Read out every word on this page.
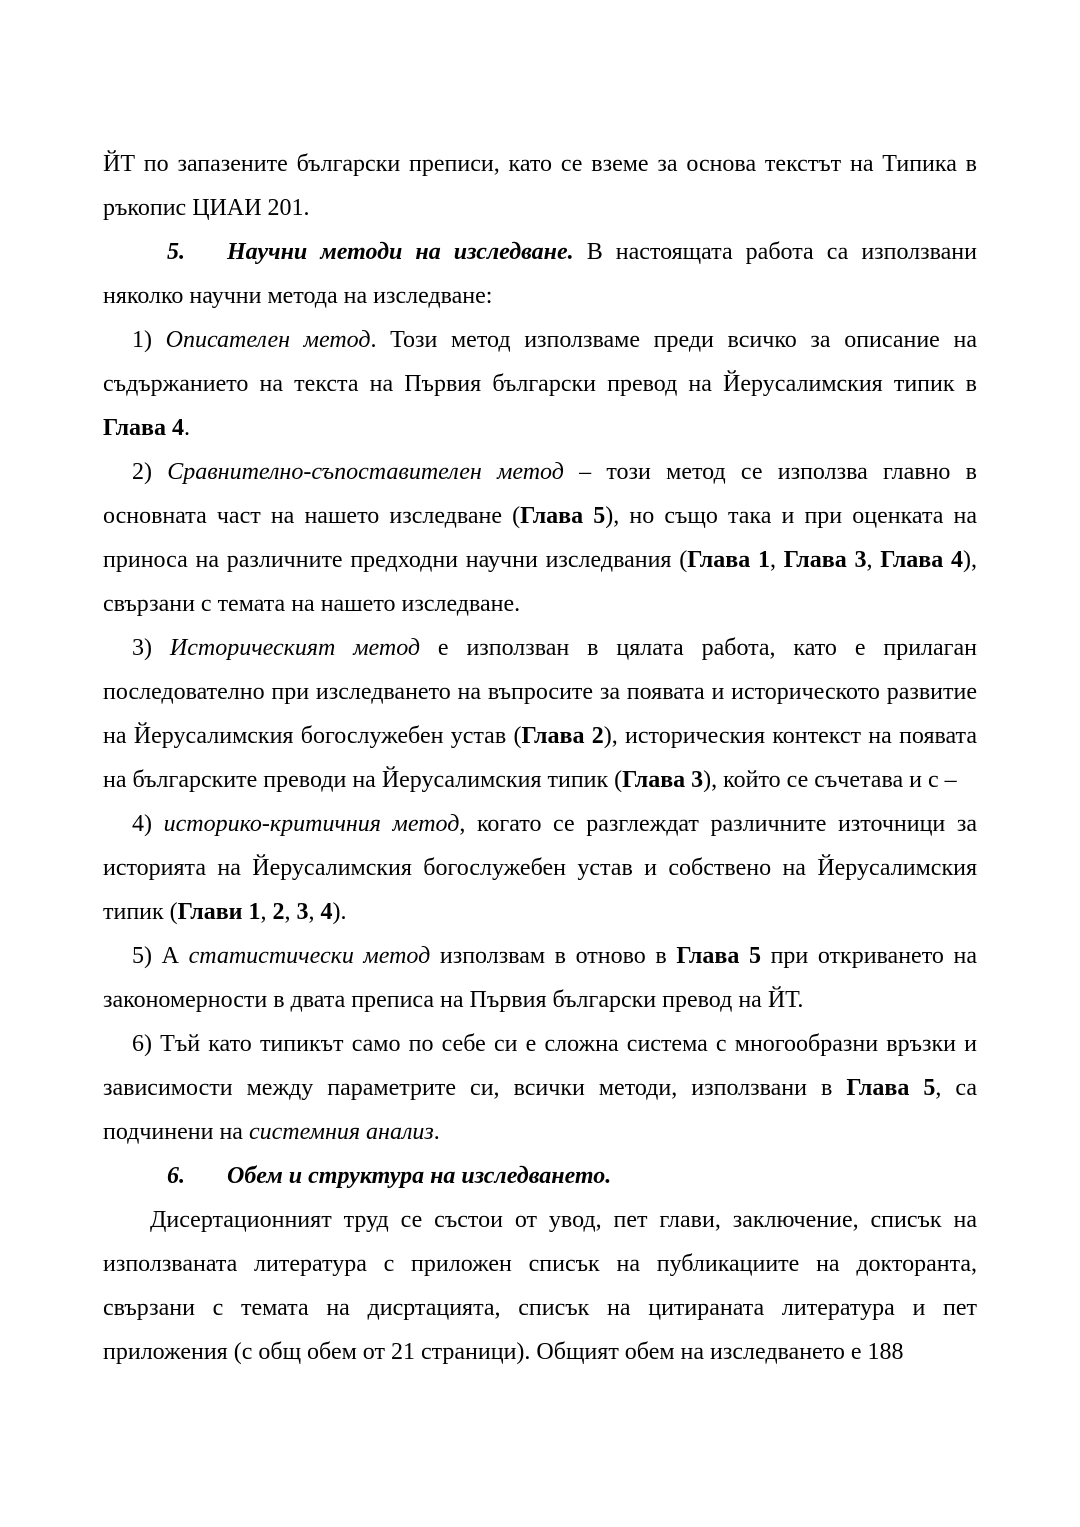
ЙТ по запазените български преписи, като се вземе за основа текстът на Типика в ръкопис ЦИАИ 201.

5. Научни методи на изследване. В настоящата работа са използвани няколко научни метода на изследване:

1) Описателен метод. Този метод използваме преди всичко за описание на съдържанието на текста на Първия български превод на Йерусалимския типик в Глава 4.

2) Сравнително-съпоставителен метод – този метод се използва главно в основната част на нашето изследване (Глава 5), но също така и при оценката на приноса на различните предходни научни изследвания (Глава 1, Глава 3, Глава 4), свързани с темата на нашето изследване.

3) Историческият метод е използван в цялата работа, като е прилаган последователно при изследването на въпросите за появата и историческото развитие на Йерусалимския богослужебен устав (Глава 2), историческия контекст на появата на българските преводи на Йерусалимския типик (Глава 3), който се съчетава и с –

4) историко-критичния метод, когато се разглеждат различните източници за историята на Йерусалимския богослужебен устав и собствено на Йерусалимския типик (Глави 1, 2, 3, 4).

5) А статистически метод използвам в отново в Глава 5 при откриването на закономерности в двата преписа на Първия български превод на ЙТ.

6) Тъй като типикът само по себе си е сложна система с многообразни връзки и зависимости между параметрите си, всички методи, използвани в Глава 5, са подчинени на системния анализ.

6. Обем и структура на изследването.

Дисертационният труд се състои от увод, пет глави, заключение, списък на използваната литература с приложен списък на публикациите на докторанта, свързани с темата на дисртацията, списък на цитираната литература и пет приложения (с общ обем от 21 страници). Общият обем на изследването е 188
